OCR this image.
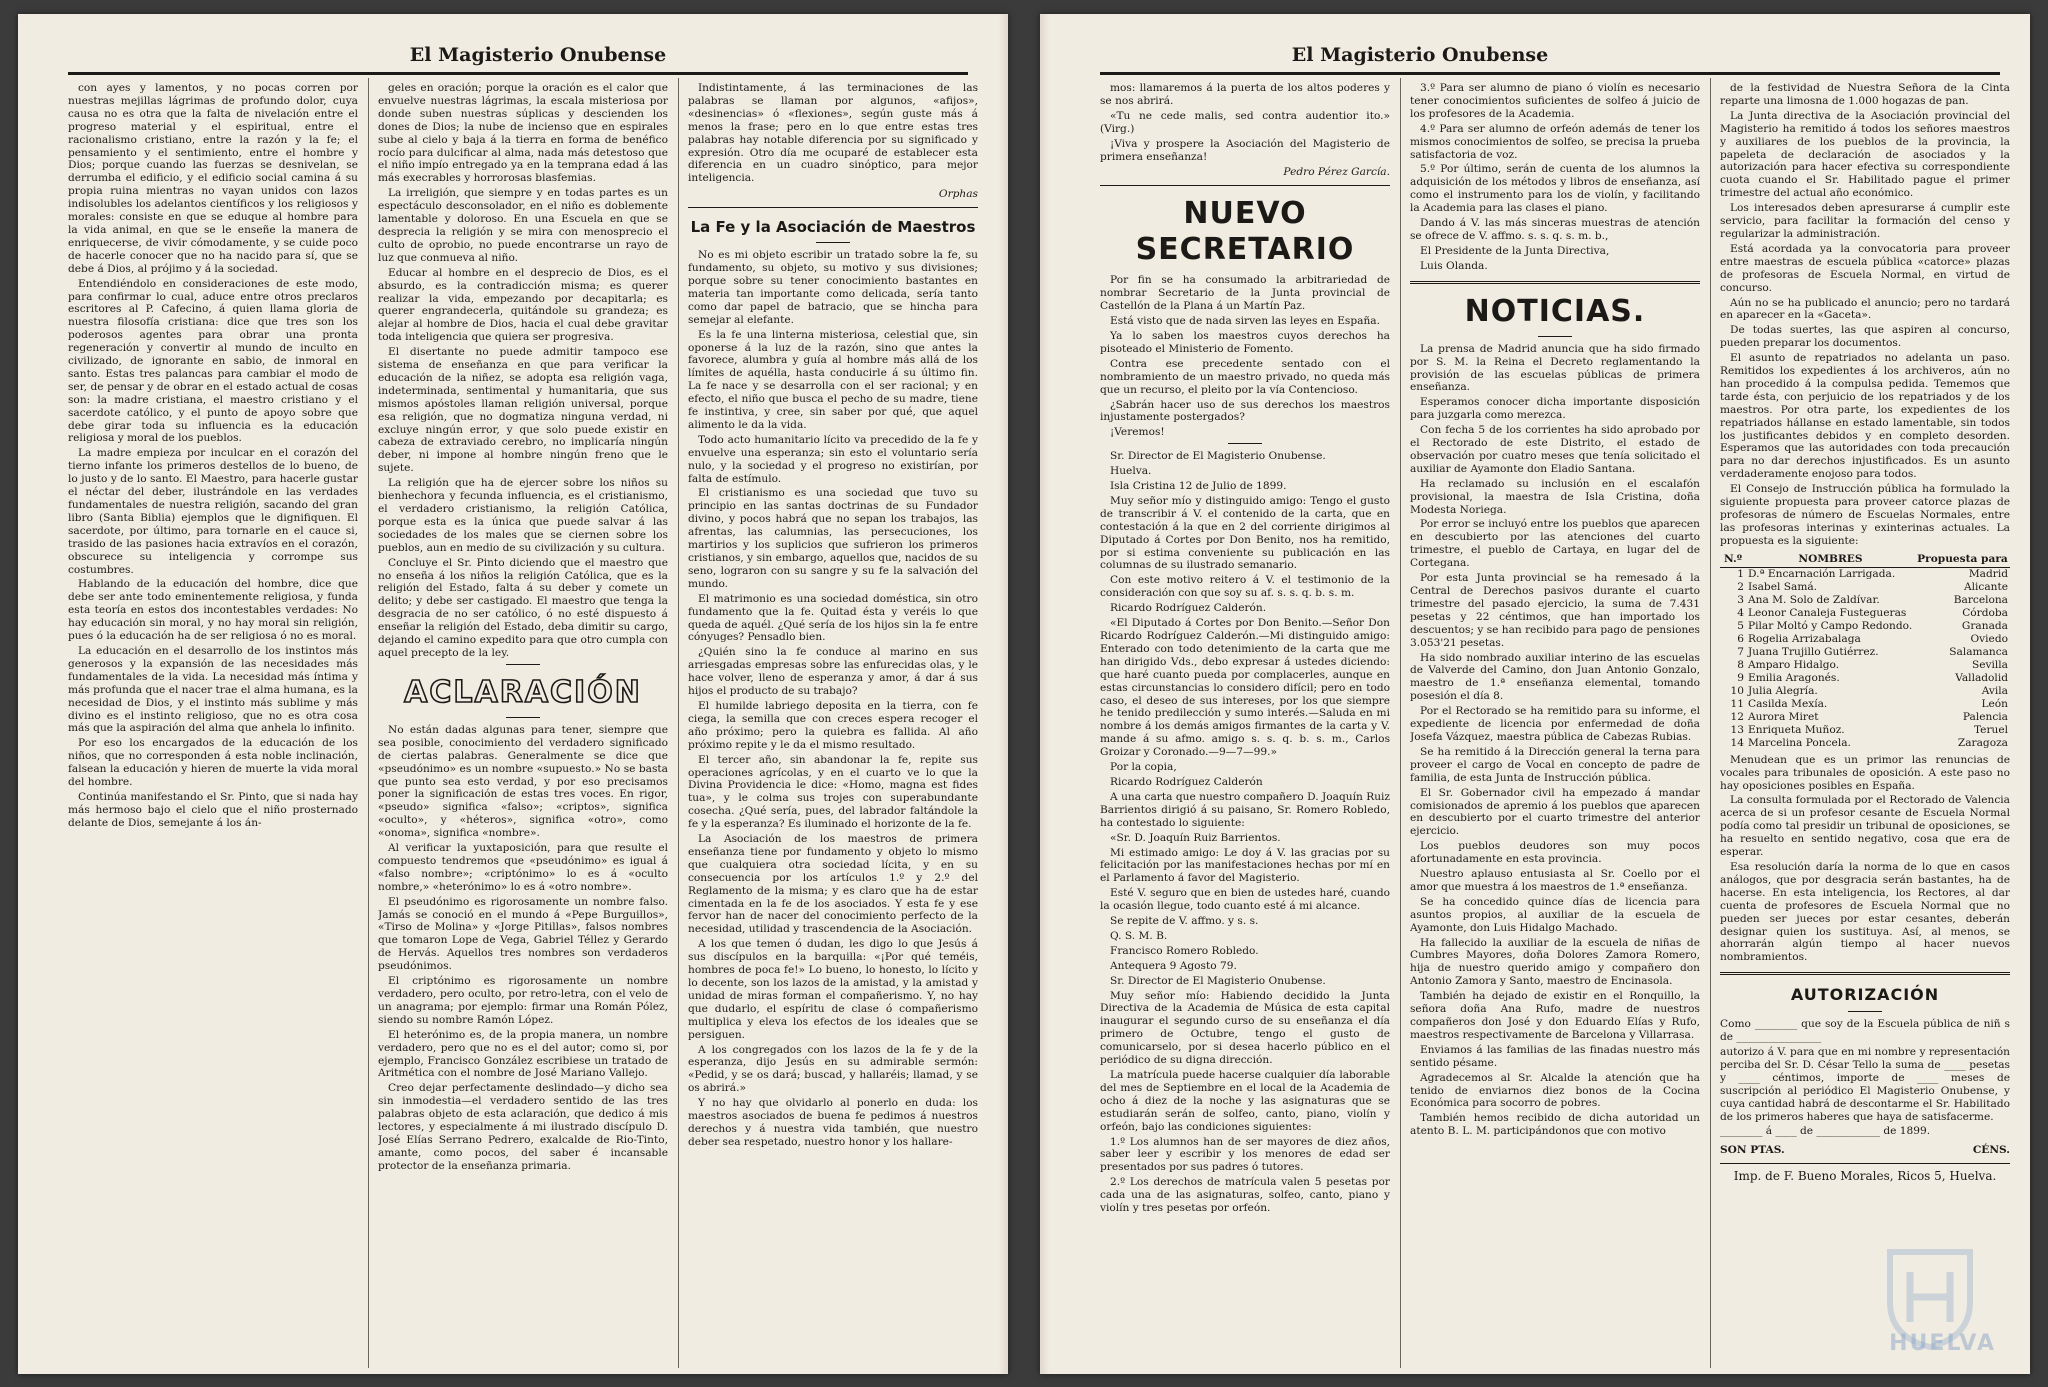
El Magisterio Onubense

con ayes y lamentos, y no pocas corren por nuestras mejillas lágrimas de profundo dolor, cuya causa no es otra que la falta de nivelación entre el progreso material y el espiritual, entre el racionalismo cristiano, entre la razón y la fe; el pensamiento y el sentimiento, entre el hombre y Dios; porque cuando las fuerzas se desnivelan, se derrumba el edificio, y el edificio social camina á su propia ruina mientras no vayan unidos con lazos indisolubles los adelantos científicos y los religiosos y morales: consiste en que se eduque al hombre para la vida animal, en que se le enseñe la manera de enriquecerse, de vivir cómodamente, y se cuide poco de hacerle conocer que no ha nacido para sí, que se debe á Dios, al prójimo y á la sociedad.

Entendiéndolo en consideraciones de este modo, para confirmar lo cual, aduce entre otros preclaros escritores al P. Cafecino, á quien llama gloria de nuestra filosofía cristiana: dice que tres son los poderosos agentes para obrar una pronta regeneración y convertir al mundo de inculto en civilizado, de ignorante en sabio, de inmoral en santo. Estas tres palancas para cambiar el modo de ser, de pensar y de obrar en el estado actual de cosas son: la madre cristiana, el maestro cristiano y el sacerdote católico, y el punto de apoyo sobre que debe girar toda su influencia es la educación religiosa y moral de los pueblos.

La madre empieza por inculcar en el corazón del tierno infante los primeros destellos de lo bueno, de lo justo y de lo santo. El Maestro, para hacerle gustar el néctar del deber, ilustrándole en las verdades fundamentales de nuestra religión, sacando del gran libro (Santa Biblia) ejemplos que le dignifiquen. El sacerdote, por último, para tornarle en el cauce si, trasido de las pasiones hacia extravíos en el corazón, obscurece su inteligencia y corrompe sus costumbres.

Hablando de la educación del hombre, dice que debe ser ante todo eminentemente religiosa, y funda esta teoría en estos dos incontestables verdades: No hay educación sin moral, y no hay moral sin religión, pues ó la educación ha de ser religiosa ó no es moral.

La educación en el desarrollo de los instintos más generosos y la expansión de las necesidades más fundamentales de la vida. La necesidad más íntima y más profunda que el nacer trae el alma humana, es la necesidad de Dios, y el instinto más sublime y más divino es el instinto religioso, que no es otra cosa más que la aspiración del alma que anhela lo infinito.

Por eso los encargados de la educación de los niños, que no corresponden á esta noble inclinación, falsean la educación y hieren de muerte la vida moral del hombre.

Continúa manifestando el Sr. Pinto, que si nada hay más hermoso bajo el cielo que el niño prosternado delante de Dios, semejante á los án-

geles en oración; porque la oración es el calor que envuelve nuestras lágrimas, la escala misteriosa por donde suben nuestras súplicas y descienden los dones de Dios; la nube de incienso que en espirales sube al cielo y baja á la tierra en forma de benéfico rocío para dulcificar al alma, nada más detestoso que el niño impío entregado ya en la temprana edad á las más execrables y horrorosas blasfemias.

La irreligión, que siempre y en todas partes es un espectáculo desconsolador, en el niño es doblemente lamentable y doloroso. En una Escuela en que se desprecia la religión y se mira con menosprecio el culto de oprobio, no puede encontrarse un rayo de luz que conmueva al niño.

Educar al hombre en el desprecio de Dios, es el absurdo, es la contradicción misma; es querer realizar la vida, empezando por decapitarla; es querer engrandecerla, quitándole su grandeza; es alejar al hombre de Dios, hacia el cual debe gravitar toda inteligencia que quiera ser progresiva.

El disertante no puede admitir tampoco ese sistema de enseñanza en que para verificar la educación de la niñez, se adopta esa religión vaga, indeterminada, sentimental y humanitaria, que sus mismos apóstoles llaman religión universal, porque esa religión, que no dogmatiza ninguna verdad, ni excluye ningún error, y que solo puede existir en cabeza de extraviado cerebro, no implicaría ningún deber, ni impone al hombre ningún freno que le sujete.

La religión que ha de ejercer sobre los niños su bienhechora y fecunda influencia, es el cristianismo, el verdadero cristianismo, la religión Católica, porque esta es la única que puede salvar á las sociedades de los males que se ciernen sobre los pueblos, aun en medio de su civilización y su cultura.

Concluye el Sr. Pinto diciendo que el maestro que no enseña á los niños la religión Católica, que es la religión del Estado, falta á su deber y comete un delito; y debe ser castigado. El maestro que tenga la desgracia de no ser católico, ó no esté dispuesto á enseñar la religión del Estado, deba dimitir su cargo, dejando el camino expedito para que otro cumpla con aquel precepto de la ley.

ACLARACIÓN

No están dadas algunas para tener, siempre que sea posible, conocimiento del verdadero significado de ciertas palabras. Generalmente se dice que «pseudónimo» es un nombre «supuesto.» No se basta que punto sea esto verdad, y por eso precisamos poner la significación de estas tres voces. En rigor, «pseudo» significa «falso»; «criptos», significa «oculto», y «héteros», significa «otro», como «onoma», significa «nombre».

Al verificar la yuxtaposición, para que resulte el compuesto tendremos que «pseudónimo» es igual á «falso nombre»; «criptónimo» lo es á «oculto nombre,» «heterónimo» lo es á «otro nombre».

El pseudónimo es rigorosamente un nombre falso. Jamás se conoció en el mundo á «Pepe Burguillos», «Tirso de Molina» y «Jorge Pitillas», falsos nombres que tomaron Lope de Vega, Gabriel Téllez y Gerardo de Hervás. Aquellos tres nombres son verdaderos pseudónimos.

El criptónimo es rigorosamente un nombre verdadero, pero oculto, por retro-letra, con el velo de un anagrama; por ejemplo: firmar una Román Pólez, siendo su nombre Ramón López.

El heterónimo es, de la propia manera, un nombre verdadero, pero que no es el del autor; como si, por ejemplo, Francisco González escribiese un tratado de Aritmética con el nombre de José Mariano Vallejo.

Creo dejar perfectamente deslindado—y dicho sea sin inmodestia—el verdadero sentido de las tres palabras objeto de esta aclaración, que dedico á mis lectores, y especialmente á mi ilustrado discípulo D. José Elías Serrano Pedrero, exalcalde de Rio-Tinto, amante, como pocos, del saber é incansable protector de la enseñanza primaria.

Indistintamente, á las terminaciones de las palabras se llaman por algunos, «afijos», «desinencias» ó «flexiones», según guste más á menos la frase; pero en lo que entre estas tres palabras hay notable diferencia por su significado y expresión. Otro día me ocuparé de establecer esta diferencia en un cuadro sinóptico, para mejor inteligencia.

Orphas

La Fe y la Asociación de Maestros

No es mi objeto escribir un tratado sobre la fe, su fundamento, su objeto, su motivo y sus divisiones; porque sobre su tener conocimiento bastantes en materia tan importante como delicada, sería tanto como dar papel de batracio, que se hincha para semejar al elefante.

Es la fe una linterna misteriosa, celestial que, sin oponerse á la luz de la razón, sino que antes la favorece, alumbra y guía al hombre más allá de los límites de aquélla, hasta conducirle á su último fin. La fe nace y se desarrolla con el ser racional; y en efecto, el niño que busca el pecho de su madre, tiene fe instintiva, y cree, sin saber por qué, que aquel alimento le da la vida.

Todo acto humanitario lícito va precedido de la fe y envuelve una esperanza; sin esto el voluntario sería nulo, y la sociedad y el progreso no existirían, por falta de estímulo.

El cristianismo es una sociedad que tuvo su principio en las santas doctrinas de su Fundador divino, y pocos habrá que no sepan los trabajos, las afrentas, las calumnias, las persecuciones, los martirios y los suplicios que sufrieron los primeros cristianos, y sin embargo, aquellos que, nacidos de su seno, lograron con su sangre y su fe la salvación del mundo.

El matrimonio es una sociedad doméstica, sin otro fundamento que la fe. Quitad ésta y veréis lo que queda de aquél. ¿Qué sería de los hijos sin la fe entre cónyuges? Pensadlo bien.

¿Quién sino la fe conduce al marino en sus arriesgadas empresas sobre las enfurecidas olas, y le hace volver, lleno de esperanza y amor, á dar á sus hijos el producto de su trabajo?

El humilde labriego deposita en la tierra, con fe ciega, la semilla que con creces espera recoger el año próximo; pero la quiebra es fallida. Al año próximo repite y le da el mismo resultado.

El tercer año, sin abandonar la fe, repite sus operaciones agrícolas, y en el cuarto ve lo que la Divina Providencia le dice: «Homo, magna est fides tua», y le colma sus trojes con superabundante cosecha. ¿Qué sería, pues, del labrador faltándole la fe y la esperanza? Es iluminado el horizonte de la fe.

La Asociación de los maestros de primera enseñanza tiene por fundamento y objeto lo mismo que cualquiera otra sociedad lícita, y en su consecuencia por los artículos 1.º y 2.º del Reglamento de la misma; y es claro que ha de estar cimentada en la fe de los asociados. Y esta fe y ese fervor han de nacer del conocimiento perfecto de la necesidad, utilidad y trascendencia de la Asociación.

A los que temen ó dudan, les digo lo que Jesús á sus discípulos en la barquilla: «¡Por qué teméis, hombres de poca fe!» Lo bueno, lo honesto, lo lícito y lo decente, son los lazos de la amistad, y la amistad y unidad de miras forman el compañerismo. Y, no hay que dudarlo, el espíritu de clase ó compañerismo multiplica y eleva los efectos de los ideales que se persiguen.

A los congregados con los lazos de la fe y de la esperanza, dijo Jesús en su admirable sermón: «Pedid, y se os dará; buscad, y hallaréis; llamad, y se os abrirá.»

Y no hay que olvidarlo al ponerlo en duda: los maestros asociados de buena fe pedimos á nuestros derechos y á nuestra vida también, que nuestro deber sea respetado, nuestro honor y los hallare-

El Magisterio Onubense

mos: llamaremos á la puerta de los altos poderes y se nos abrirá.

«Tu ne cede malis, sed contra audentior ito.» (Virg.)

¡Viva y prospere la Asociación del Magisterio de primera enseñanza!

Pedro Pérez García.

NUEVO SECRETARIO

Por fin se ha consumado la arbitrariedad de nombrar Secretario de la Junta provincial de Castellón de la Plana á un Martín Paz.

Está visto que de nada sirven las leyes en España.

Ya lo saben los maestros cuyos derechos ha pisoteado el Ministerio de Fomento.

Contra ese precedente sentado con el nombramiento de un maestro privado, no queda más que un recurso, el pleito por la vía Contencioso.

¿Sabrán hacer uso de sus derechos los maestros injustamente postergados?

¡Veremos!

Sr. Director de El Magisterio Onubense.

Huelva.

Isla Cristina 12 de Julio de 1899.

Muy señor mío y distinguido amigo: Tengo el gusto de transcribir á V. el contenido de la carta, que en contestación á la que en 2 del corriente dirigimos al Diputado á Cortes por Don Benito, nos ha remitido, por si estima conveniente su publicación en las columnas de su ilustrado semanario.

Con este motivo reitero á V. el testimonio de la consideración con que soy su af. s. s. q. b. s. m.

Ricardo Rodríguez Calderón.

«El Diputado á Cortes por Don Benito.—Señor Don Ricardo Rodríguez Calderón.—Mi distinguido amigo: Enterado con todo detenimiento de la carta que me han dirigido Vds., debo expresar á ustedes diciendo: que haré cuanto pueda por complacerles, aunque en estas circunstancias lo considero difícil; pero en todo caso, el deseo de sus intereses, por los que siempre he tenido predilección y sumo interés.—Saluda en mi nombre á los demás amigos firmantes de la carta y V. mande á su afmo. amigo s. s. q. b. s. m., Carlos Groizar y Coronado.—9—7—99.»

Por la copia,

Ricardo Rodríguez Calderón

A una carta que nuestro compañero D. Joaquín Ruiz Barrientos dirigió á su paisano, Sr. Romero Robledo, ha contestado lo siguiente:

«Sr. D. Joaquín Ruiz Barrientos.

Mi estimado amigo: Le doy á V. las gracias por su felicitación por las manifestaciones hechas por mí en el Parlamento á favor del Magisterio.

Esté V. seguro que en bien de ustedes haré, cuando la ocasión llegue, todo cuanto esté á mi alcance.

Se repite de V. affmo. y s. s.

Q. S. M. B.

Francisco Romero Robledo.

Antequera 9 Agosto 79.

Sr. Director de El Magisterio Onubense.

Muy señor mío: Habiendo decidido la Junta Directiva de la Academia de Música de esta capital inaugurar el segundo curso de su enseñanza el día primero de Octubre, tengo el gusto de comunicarselo, por si desea hacerlo público en el periódico de su digna dirección.

La matrícula puede hacerse cualquier día laborable del mes de Septiembre en el local de la Academia de ocho á diez de la noche y las asignaturas que se estudiarán serán de solfeo, canto, piano, violín y orfeón, bajo las condiciones siguientes:

1.º Los alumnos han de ser mayores de diez años, saber leer y escribir y los menores de edad ser presentados por sus padres ó tutores.

2.º Los derechos de matrícula valen 5 pesetas por cada una de las asignaturas, solfeo, canto, piano y violín y tres pesetas por orfeón.

3.º Para ser alumno de piano ó violín es necesario tener conocimientos suficientes de solfeo á juicio de los profesores de la Academia.

4.º Para ser alumno de orfeón además de tener los mismos conocimientos de solfeo, se precisa la prueba satisfactoria de voz.

5.º Por último, serán de cuenta de los alumnos la adquisición de los métodos y libros de enseñanza, así como el instrumento para los de violín, y facilitando la Academia para las clases el piano.

Dando á V. las más sinceras muestras de atención se ofrece de V. affmo. s. s. q. s. m. b.,

El Presidente de la Junta Directiva,

Luis Olanda.

NOTICIAS.

La prensa de Madrid anuncia que ha sido firmado por S. M. la Reina el Decreto reglamentando la provisión de las escuelas públicas de primera enseñanza.

Esperamos conocer dicha importante disposición para juzgarla como merezca.

Con fecha 5 de los corrientes ha sido aprobado por el Rectorado de este Distrito, el estado de observación por cuatro meses que tenía solicitado el auxiliar de Ayamonte don Eladio Santana.

Ha reclamado su inclusión en el escalafón provisional, la maestra de Isla Cristina, doña Modesta Noriega.

Por error se incluyó entre los pueblos que aparecen en descubierto por las atenciones del cuarto trimestre, el pueblo de Cartaya, en lugar del de Cortegana.

Por esta Junta provincial se ha remesado á la Central de Derechos pasivos durante el cuarto trimestre del pasado ejercicio, la suma de 7.431 pesetas y 22 céntimos, que han importado los descuentos; y se han recibido para pago de pensiones 3.053'21 pesetas.

Ha sido nombrado auxiliar interino de las escuelas de Valverde del Camino, don Juan Antonio Gonzalo, maestro de 1.ª enseñanza elemental, tomando posesión el día 8.

Por el Rectorado se ha remitido para su informe, el expediente de licencia por enfermedad de doña Josefa Vázquez, maestra pública de Cabezas Rubias.

Se ha remitido á la Dirección general la terna para proveer el cargo de Vocal en concepto de padre de familia, de esta Junta de Instrucción pública.

El Sr. Gobernador civil ha empezado á mandar comisionados de apremio á los pueblos que aparecen en descubierto por el cuarto trimestre del anterior ejercicio.

Los pueblos deudores son muy pocos afortunadamente en esta provincia.

Nuestro aplauso entusiasta al Sr. Coello por el amor que muestra á los maestros de 1.ª enseñanza.

Se ha concedido quince días de licencia para asuntos propios, al auxiliar de la escuela de Ayamonte, don Luis Hidalgo Machado.

Ha fallecido la auxiliar de la escuela de niñas de Cumbres Mayores, doña Dolores Zamora Romero, hija de nuestro querido amigo y compañero don Antonio Zamora y Santo, maestro de Encinasola.

También ha dejado de existir en el Ronquillo, la señora doña Ana Rufo, madre de nuestros compañeros don José y don Eduardo Elías y Rufo, maestros respectivamente de Barcelona y Villarrasa.

Enviamos á las familias de las finadas nuestro más sentido pésame.

Agradecemos al Sr. Alcalde la atención que ha tenido de enviarnos diez bonos de la Cocina Económica para socorro de pobres.

También hemos recibido de dicha autoridad un atento B. L. M. participándonos que con motivo

de la festividad de Nuestra Señora de la Cinta reparte una limosna de 1.000 hogazas de pan.

La Junta directiva de la Asociación provincial del Magisterio ha remitido á todos los señores maestros y auxiliares de los pueblos de la provincia, la papeleta de declaración de asociados y la autorización para hacer efectiva su correspondiente cuota cuando el Sr. Habilitado pague el primer trimestre del actual año económico.

Los interesados deben apresurarse á cumplir este servicio, para facilitar la formación del censo y regularizar la administración.

Está acordada ya la convocatoria para proveer entre maestras de escuela pública «catorce» plazas de profesoras de Escuela Normal, en virtud de concurso.

Aún no se ha publicado el anuncio; pero no tardará en aparecer en la «Gaceta».

De todas suertes, las que aspiren al concurso, pueden preparar los documentos.

El asunto de repatriados no adelanta un paso. Remitidos los expedientes á los archiveros, aún no han procedido á la compulsa pedida. Tememos que tarde ésta, con perjuicio de los repatriados y de los maestros. Por otra parte, los expedientes de los repatriados hállanse en estado lamentable, sin todos los justificantes debidos y en completo desorden. Esperamos que las autoridades con toda precaución para no dar derechos injustificados. Es un asunto verdaderamente enojoso para todos.

El Consejo de Instrucción pública ha formulado la siguiente propuesta para proveer catorce plazas de profesoras de número de Escuelas Normales, entre las profesoras interinas y exinterinas actuales. La propuesta es la siguiente:

N.º	NOMBRES	Propuesta para
1	D.ª Encarnación Larrigada.	Madrid
2	Isabel Samá.	Alicante
3	Ana M. Solo de Zaldívar.	Barcelona
4	Leonor Canaleja Fustegueras	Córdoba
5	Pilar Moltó y Campo Redondo.	Granada
6	Rogelia Arrizabalaga	Oviedo
7	Juana Trujillo Gutiérrez.	Salamanca
8	Amparo Hidalgo.	Sevilla
9	Emilia Aragonés.	Valladolid
10	Julia Alegría.	Avila
11	Casilda Mexía.	León
12	Aurora Miret	Palencia
13	Enriqueta Muñoz.	Teruel
14	Marcelina Poncela.	Zaragoza

Menudean que es un primor las renuncias de vocales para tribunales de oposición. A este paso no hay oposiciones posibles en España.

La consulta formulada por el Rectorado de Valencia acerca de si un profesor cesante de Escuela Normal podía como tal presidir un tribunal de oposiciones, se ha resuelto en sentido negativo, cosa que era de esperar.

Esa resolución daría la norma de lo que en casos análogos, que por desgracia serán bastantes, ha de hacerse. En esta inteligencia, los Rectores, al dar cuenta de profesores de Escuela Normal que no pueden ser jueces por estar cesantes, deberán designar quien los sustituya. Así, al menos, se ahorrarán algún tiempo al hacer nuevos nombramientos.

AUTORIZACIÓN

Como ________ que soy de la Escuela pública de niñ s de ________________

autorizo á V. para que en mi nombre y representación perciba del Sr. D. César Tello la suma de ____ pesetas y ____ céntimos, importe de ____ meses de suscripción al periódico El Magisterio Onubense, y cuya cantidad habrá de descontarme el Sr. Habilitado de los primeros haberes que haya de satisfacerme.

________ á ____ de ____________ de 1899.

SON PTAS.	CÉNS.

Imp. de F. Bueno Morales, Ricos 5, Huelva.

HUELVA
